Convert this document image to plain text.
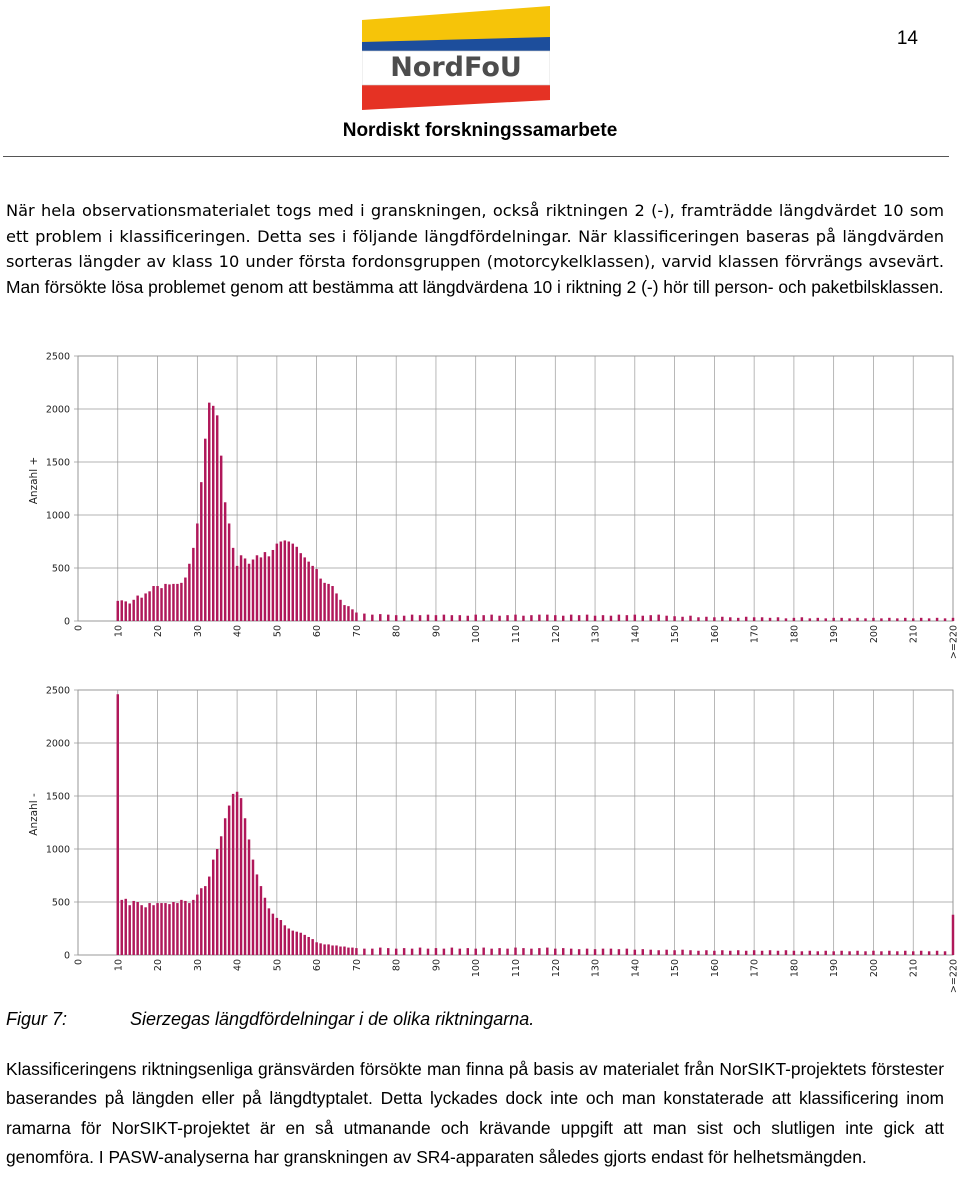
14
NordFoU
Nordiskt forskningssamarbete

När hela observationsmaterialet togs med i granskningen, också riktningen 2 (-), framträdde längdvärdet 10 som ett problem i klassificeringen. Detta ses i följande längdfördelningar. När klassificeringen baseras på längdvärden sorteras längder av klass 10 under första fordonsgruppen (motorcykelklassen), varvid klassen förvrängs avsevärt. Man försökte lösa problemet genom att bestämma att längdvärdena 10 i riktning 2 (-) hör till person- och paketbilsklassen.

0
500
1000
1500
2000
2500
0	10	20	30	40	50	60	70	80	90	100	110	120	130	140	150	160	170	180	190	200	210	>=220
Anzahl +
0
500
1000
1500
2000
2500
0	10	20	30	40	50	60	70	80	90	100	110	120	130	140	150	160	170	180	190	200	210	>=220
Anzahl -
Figur 7:	Sierzegas längdfördelningar i de olika riktningarna.

Klassificeringens riktningsenliga gränsvärden försökte man finna på basis av materialet från NorSIKT-projektets förstester baserandes på längden eller på längdtyptalet. Detta lyckades dock inte och man konstaterade att klassificering inom ramarna för NorSIKT-projektet är en så utmanande och krävande uppgift att man sist och slutligen inte gick att genomföra. I PASW-analyserna har granskningen av SR4-apparaten således gjorts endast för helhetsmängden.
